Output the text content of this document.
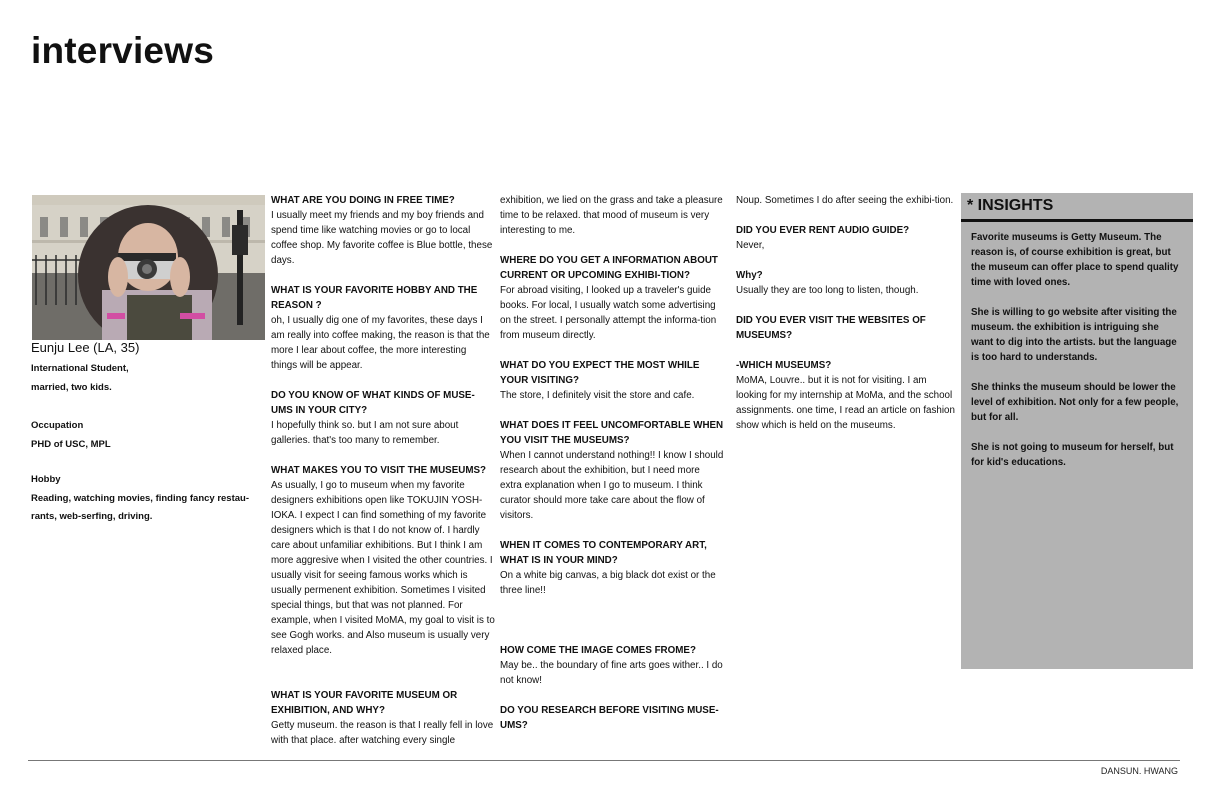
interviews
Eunju Lee (LA, 35)
International Student,
married, two kids.
Occupation
PHD of USC, MPL
Hobby
Reading, watching movies, finding fancy restau-
rants, web-serfing, driving.
WHAT ARE YOU DOING IN FREE TIME?
I usually meet my friends and my boy friends and spend time like watching movies or go to local coffee shop. My favorite coffee is Blue bottle, these days.
WHAT IS YOUR FAVORITE HOBBY AND THE REASON ?
oh, I usually dig one of my favorites, these days I am really into coffee making, the reason is that the more I lear about coffee, the more interesting things will be appear.
DO YOU KNOW OF WHAT KINDS OF MUSE-UMS IN YOUR CITY?
I hopefully think so. but I am not sure about galleries. that's too many to remember.
WHAT MAKES YOU TO VISIT THE MUSEUMS?
As usually, I go to museum when my favorite designers exhibitions open like TOKUJIN YOSH-IOKA. I expect I can find something of my favorite designers which is that I do not know of. I hardly care about unfamiliar exhibitions. But I think I am more aggresive when I visited the other countries. I usually visit for seeing famous works which is usually permenent exhibition. Sometimes I visited special things, but that was not planned. For example, when I visited MoMA, my goal to visit is to see Gogh works. and Also museum is usually very relaxed place.
WHAT IS YOUR FAVORITE MUSEUM OR EXHIBITION, AND WHY?
Getty museum. the reason is that I really fell in love with that place. after watching every single
exhibition, we lied on the grass and take a pleasure time to be relaxed. that mood of museum is very interesting to me.
WHERE DO YOU GET A INFORMATION ABOUT CURRENT OR UPCOMING EXHIBI-TION?
For abroad visiting, I looked up a traveler's guide books. For local, I usually watch some advertising on the street. I personally attempt the informa-tion from museum directly.
WHAT DO YOU EXPECT THE MOST WHILE YOUR VISITING?
The store, I definitely visit the store and cafe.
WHAT DOES IT FEEL UNCOMFORTABLE WHEN YOU VISIT THE MUSEUMS?
When I cannot understand nothing!! I know I should research about the exhibition, but I need more extra explanation when I go to museum. I think curator should more take care about the flow of visitors.
WHEN IT COMES TO CONTEMPORARY ART, WHAT IS IN YOUR MIND?
On a white big canvas, a big black dot exist or the three line!!
HOW COME THE IMAGE COMES FROME?
May be.. the boundary of fine arts goes wither.. I do not know!
DO YOU RESEARCH BEFORE VISITING MUSE-UMS?
Noup. Sometimes I do after seeing the exhibi-tion.
DID YOU EVER RENT AUDIO GUIDE?
Never,
Why?
Usually they are too long to listen, though.
DID YOU EVER VISIT THE WEBSITES OF MUSEUMS?
-WHICH MUSEUMS?
MoMA, Louvre.. but it is not for visiting. I am looking for my internship at MoMa, and the school assignments. one time, I read an article on fashion show which is held on the museums.
* INSIGHTS

Favorite museums is Getty Museum. The reason is, of course exhibition is great, but the museum can offer place to spend quality time with loved ones.

She is willing to go website after visiting the museum. the exhibition is intriguing she want to dig into the artists. but the language is too hard to understands.

She thinks the museum should be lower the level of exhibition. Not only for a few people, but for all.

She is not going to museum for herself, but for kid's educations.

DANSUN. HWANG
